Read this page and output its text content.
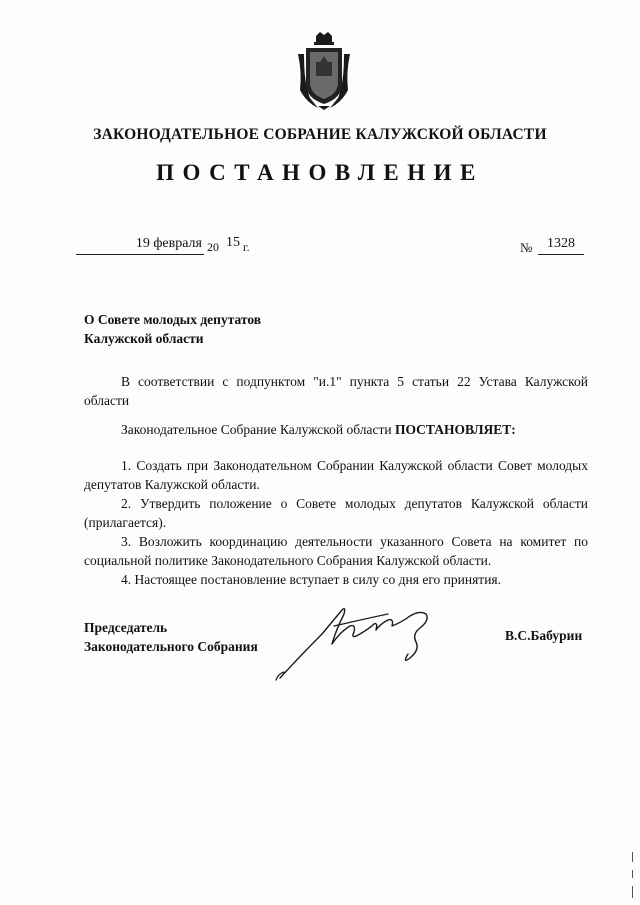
ЗАКОНОДАТЕЛЬНОЕ СОБРАНИЕ КАЛУЖСКОЙ ОБЛАСТИ
ПОСТАНОВЛЕНИЕ
19 февраля 20 15 г.	№	1328
О Совете молодых депутатов
Калужской области
В соответствии с подпунктом "и.1" пункта 5 статьи 22 Устава Калужской области
Законодательное Собрание Калужской области ПОСТАНОВЛЯЕТ:
1. Создать при Законодательном Собрании Калужской области Совет молодых депутатов Калужской области.
2. Утвердить положение о Совете молодых депутатов Калужской области (прилагается).
3. Возложить координацию деятельности указанного Совета на комитет по социальной политике Законодательного Собрания Калужской области.
4. Настоящее постановление вступает в силу со дня его принятия.
Председатель
Законодательного Собрания
В.С.Бабурин
